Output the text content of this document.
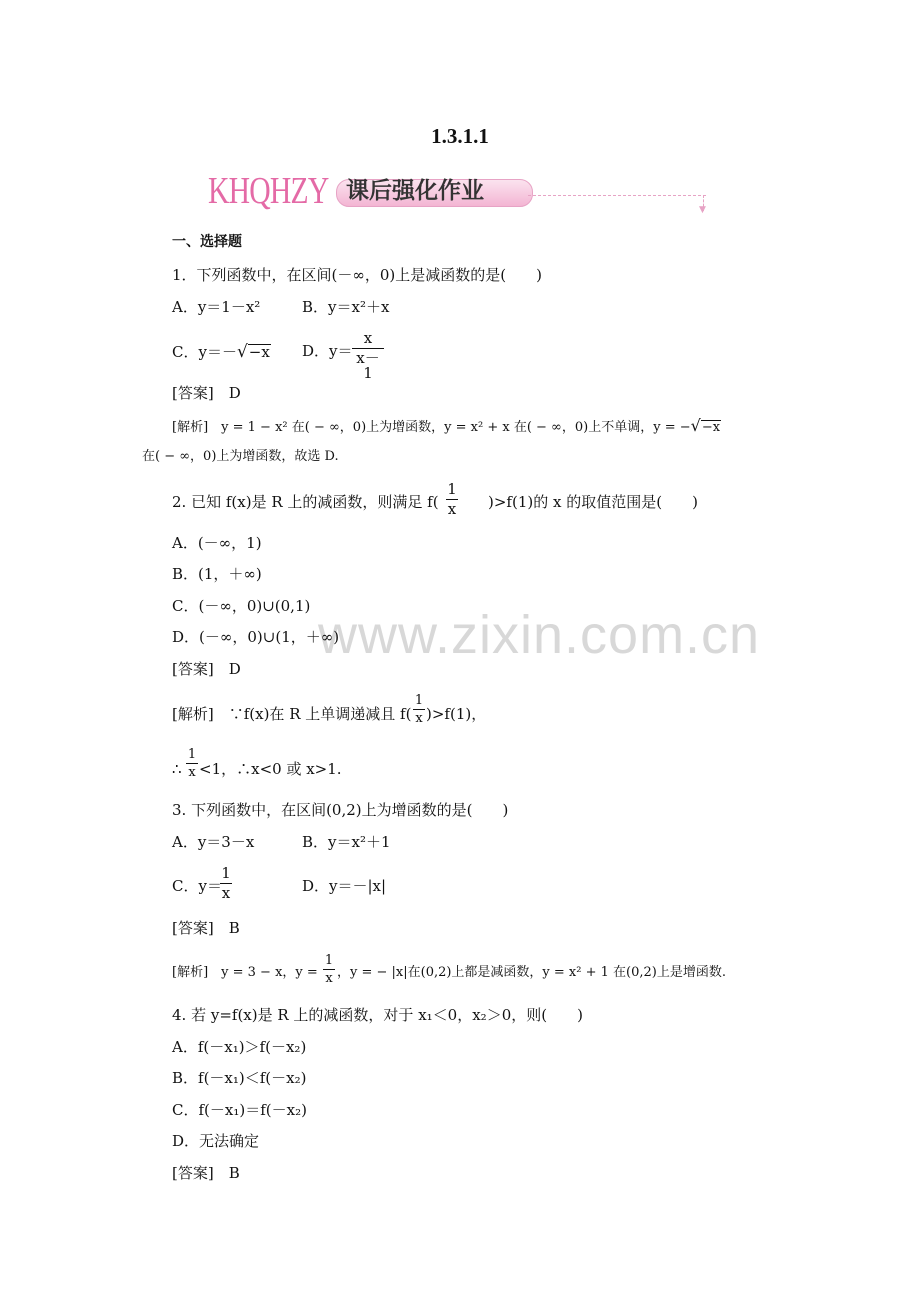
1.3.1.1
KHQHZY 课后强化作业
▼
一、选择题
www.zixin.com.cn
1．下列函数中，在区间(－∞，0)上是减函数的是(　　)
A．y＝1－x²	B．y＝x²＋x
C．y＝－√−x D．y＝
x
x－1
[答案]　D
[解析]　y = 1 − x² 在( − ∞，0)上为增函数，y = x² + x 在( − ∞，0)上不单调，y = −√−x
在( − ∞，0)上为增函数，故选 D.
2. 已知 f(x)是 R 上的减函数，则满足 f(
1
x )>f(1)的 x 的取值范围是(　　)
A．(－∞，1)
B．(1，＋∞)
C．(－∞，0)∪(0,1)
D．(－∞，0)∪(1，＋∞)
[答案]　D
[解析]　∵f(x)在 R 上单调递减且 f(
1
x )>f(1)，
∴
1
x <1，∴x<0 或 x>1.
3. 下列函数中，在区间(0,2)上为增函数的是(　　)
A．y＝3－x	B．y＝x²＋1
C．y＝
1
x	D．y＝－|x|
[答案]　B
[解析]　y = 3 − x，y =
1
x ，y = − |x|在(0,2)上都是减函数，y = x² + 1 在(0,2)上是增函数.
4. 若 y=f(x)是 R 上的减函数，对于 x₁＜0，x₂＞0，则(　　)
A．f(－x₁)＞f(－x₂)
B．f(－x₁)＜f(－x₂)
C．f(－x₁)＝f(－x₂)
D．无法确定
[答案]　B
